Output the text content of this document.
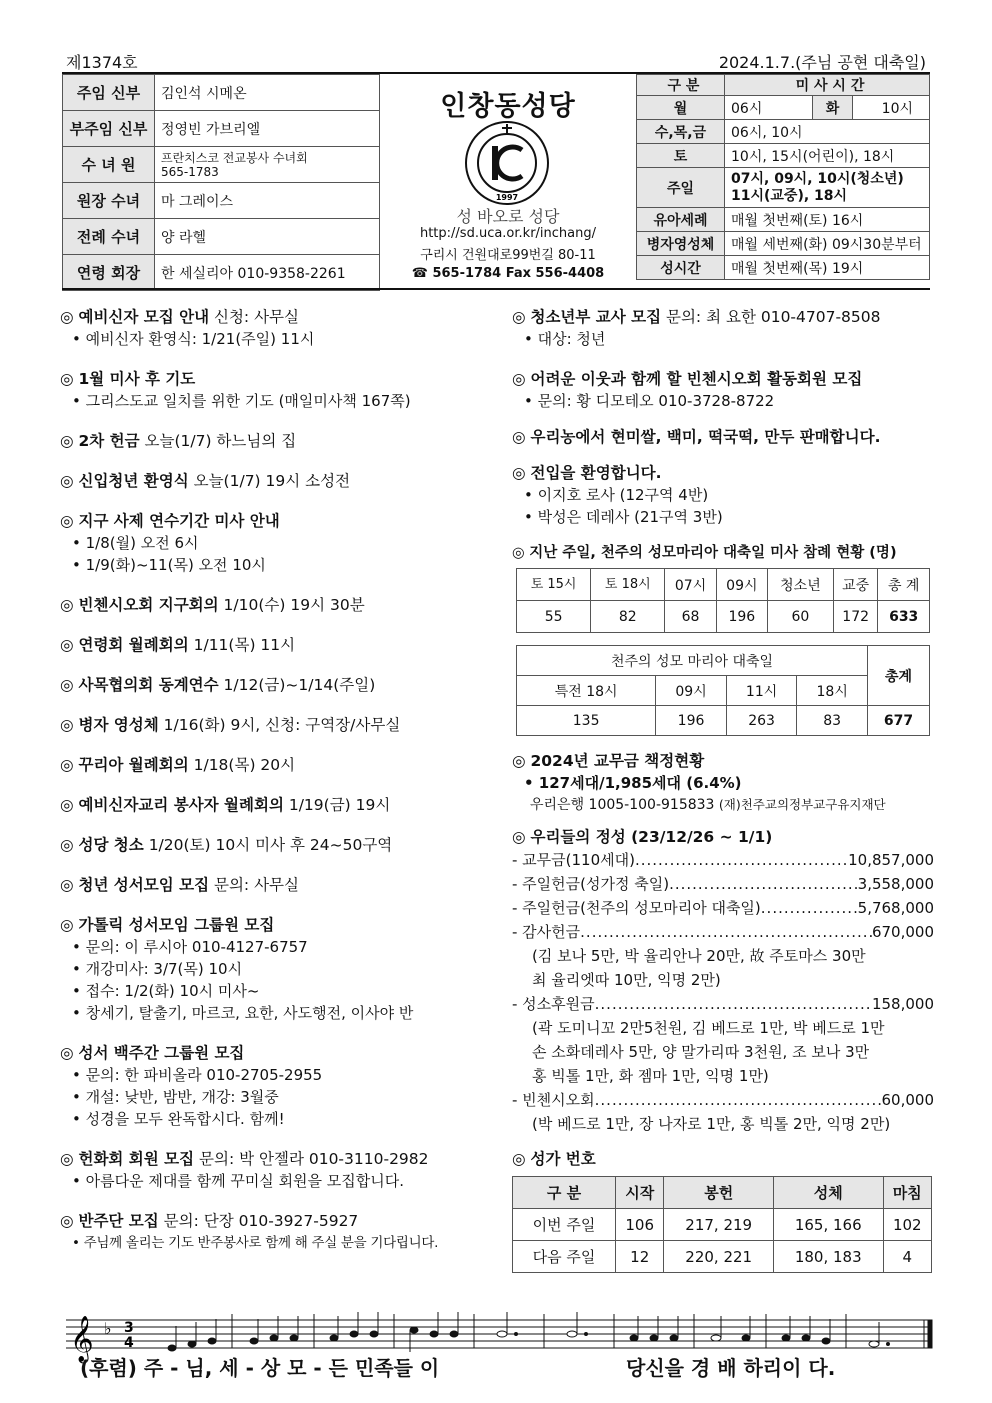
제1374호	2024.1.7.(주님 공현 대축일)
주임 신부	김인석 시메온
부주임 신부	정영빈 가브리엘
수 녀 원	프란치스코 전교봉사 수녀회
565-1783

원장 수녀	마 그레이스
전례 수녀	양 라헬
연령 회장	한 세실리아 010-9358-2261
인창동성당
1997
성 바오로 성당
http://sd.uca.or.kr/inchang/
구리시 건원대로99번길 80-11
☎ 565-1784 Fax 556-4408
구 분	미 사 시 간		
월	06시	화	10시
수,목,금	06시, 10시		
토	10시, 15시(어린이), 18시		
주일	07시, 09시, 10시(청소년)
11시(교중), 18시		

유아세례	매월 첫번째(토) 16시		
병자영성체	매월 세번째(화) 09시30분부터		
성시간	매월 첫번째(목) 19시		
◎ 예비신자 모집 안내 신청: 사무실
• 예비신자 환영식: 1/21(주일) 11시
◎ 1월 미사 후 기도
• 그리스도교 일치를 위한 기도 (매일미사책 167쪽)
◎ 2차 헌금 오늘(1/7) 하느님의 집
◎ 신입청년 환영식 오늘(1/7) 19시 소성전
◎ 지구 사제 연수기간 미사 안내
• 1/8(월) 오전 6시
• 1/9(화)~11(목) 오전 10시
◎ 빈첸시오회 지구회의 1/10(수) 19시 30분
◎ 연령회 월례회의 1/11(목) 11시
◎ 사목협의회 동계연수 1/12(금)~1/14(주일)
◎ 병자 영성체 1/16(화) 9시, 신청: 구역장/사무실
◎ 꾸리아 월례회의 1/18(목) 20시
◎ 예비신자교리 봉사자 월례회의 1/19(금) 19시
◎ 성당 청소 1/20(토) 10시 미사 후 24~50구역
◎ 청년 성서모임 모집 문의: 사무실
◎ 가톨릭 성서모임 그룹원 모집
• 문의: 이 루시아 010-4127-6757
• 개강미사: 3/7(목) 10시
• 접수: 1/2(화) 10시 미사~
• 창세기, 탈출기, 마르코, 요한, 사도행전, 이사야 반
◎ 성서 백주간 그룹원 모집
• 문의: 한 파비올라 010-2705-2955
• 개설: 낮반, 밤반, 개강: 3월중
• 성경을 모두 완독합시다. 함께!
◎ 헌화회 회원 모집 문의: 박 안젤라 010-3110-2982
• 아름다운 제대를 함께 꾸미실 회원을 모집합니다.
◎ 반주단 모집 문의: 단장 010-3927-5927
• 주님께 올리는 기도 반주봉사로 함께 해 주실 분을 기다립니다.
◎ 청소년부 교사 모집 문의: 최 요한 010-4707-8508
• 대상: 청년
◎ 어려운 이웃과 함께 할 빈첸시오회 활동회원 모집
• 문의: 황 디모테오 010-3728-8722
◎ 우리농에서 현미쌀, 백미, 떡국떡, 만두 판매합니다.
◎ 전입을 환영합니다.
• 이지호 로사 (12구역 4반)
• 박성은 데레사 (21구역 3반)
◎ 지난 주일, 천주의 성모마리아 대축일 미사 참례 현황 (명)
토 15시	토 18시	07시	09시	청소년	교중	총 계
55	82	68	196	60	172	633
천주의 성모 마리아 대축일				총계
특전 18시	09시	11시	18시	
135	196	263	83	677
◎ 2024년 교무금 책정현황
• 127세대/1,985세대 (6.4%)
우리은행 1005-100-915833 (재)천주교의정부교구유지재단
◎ 우리들의 정성 (23/12/26 ~ 1/1)
- 교무금(110세대) .....	10,857,000
- 주일헌금(성가정 축일) .....	3,558,000
- 주일헌금(천주의 성모마리아 대축일) .....	5,768,000
- 감사헌금 .....	670,000
(김 보나 5만, 박 율리안나 20만, 故 주토마스 30만
최 율리엣따 10만, 익명 2만)
- 성소후원금 .....	158,000
(곽 도미니꼬 2만5천원, 김 베드로 1만, 박 베드로 1만
손 소화데레사 5만, 양 말가리따 3천원, 조 보나 3만
홍 빅톨 1만, 화 젬마 1만, 익명 1만)
- 빈첸시오회 .....	60,000
(박 베드로 1만, 장 나자로 1만, 홍 빅톨 2만, 익명 2만)
◎ 성가 번호
구 분	시작	봉헌	성체	마침
이번 주일	106	217, 219	165, 166	102
다음 주일	12	220, 221	180, 183	4
𝄞 ♭ 3
4
(후렴) 주 - 님, 세 - 상 모 - 든 민족들 이	당신을 경 배 하리이 다.
